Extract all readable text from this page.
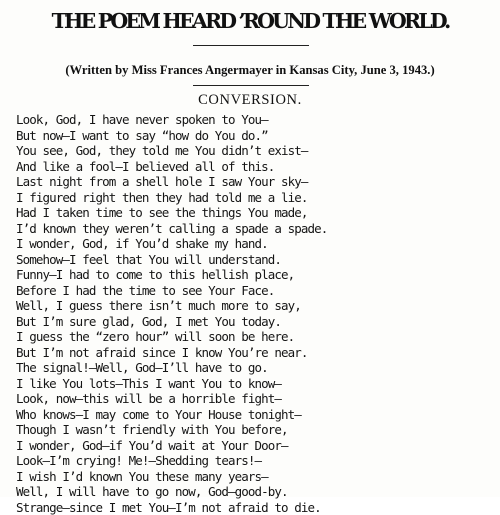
THE POEM HEARD ’ROUND THE WORLD.
(Written by Miss Frances Angermayer in Kansas City, June 3, 1943.)
CONVERSION.
Look, God, I have never spoken to You—
But now—I want to say “how do You do.”
You see, God, they told me You didn’t exist—
And like a fool—I believed all of this.
Last night from a shell hole I saw Your sky—
I figured right then they had told me a lie.
Had I taken time to see the things You made,
I’d known they weren’t calling a spade a spade.
I wonder, God, if You’d shake my hand.
Somehow—I feel that You will understand.
Funny—I had to come to this hellish place,
Before I had the time to see Your Face.
Well, I guess there isn’t much more to say,
But I’m sure glad, God, I met You today.
I guess the “zero hour” will soon be here.
But I’m not afraid since I know You’re near.
The signal!—Well, God—I’ll have to go.
I like You lots—This I want You to know—
Look, now—this will be a horrible fight—
Who knows—I may come to Your House tonight—
Though I wasn’t friendly with You before,
I wonder, God—if You’d wait at Your Door—
Look—I’m crying! Me!—Shedding tears!—
I wish I’d known You these many years—
Well, I will have to go now, God—good-by.
Strange—since I met You—I’m not afraid to die.
